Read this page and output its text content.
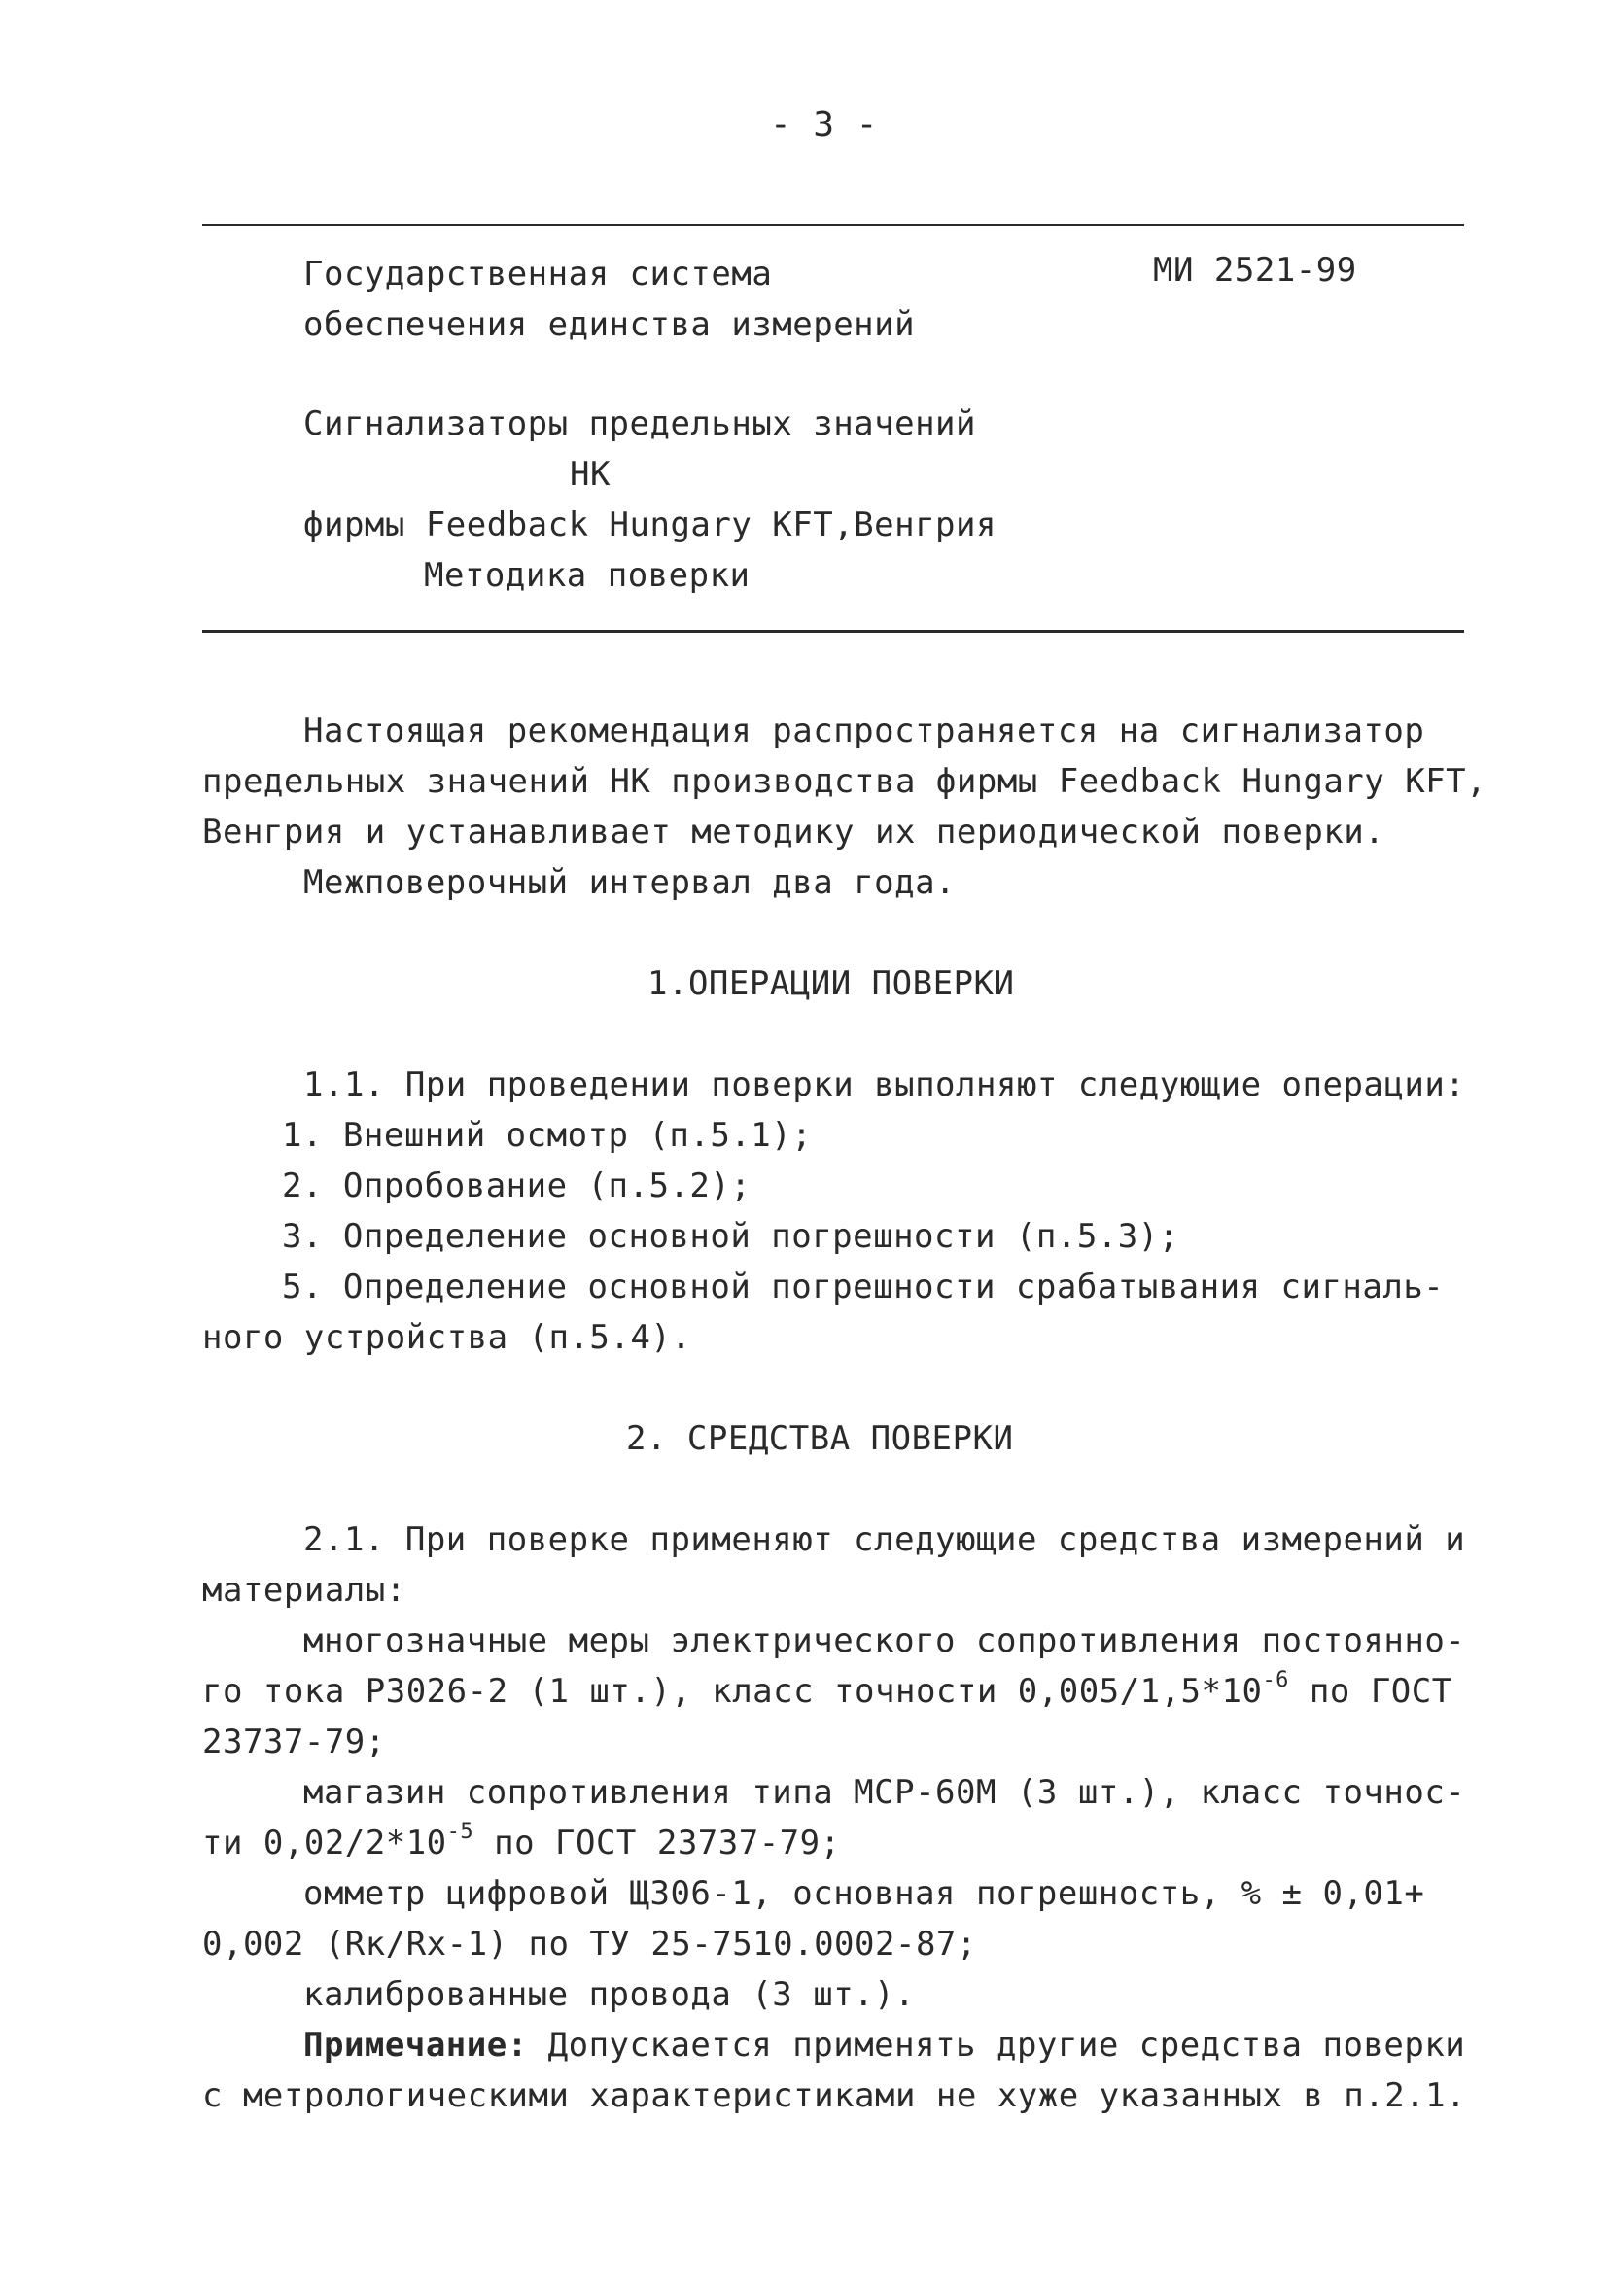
- 3 -
Государственная система
обеспечения единства измерений
МИ 2521-99
Сигнализаторы предельных значений
НК
фирмы Feedback Hungary KFT,Венгрия
Методика поверки
Настоящая рекомендация распространяется на сигнализатор
предельных значений НК производства фирмы Feedback Hungary KFT,
Венгрия и устанавливает методику их периодической поверки.
Межповерочный интервал два года.
1.ОПЕРАЦИИ ПОВЕРКИ
1.1. При проведении поверки выполняют следующие операции:
1. Внешний осмотр (п.5.1);
2. Опробование (п.5.2);
3. Определение основной погрешности (п.5.3);
5. Определение основной погрешности срабатывания сигналь-
ного устройства (п.5.4).
2. СРЕДСТВА ПОВЕРКИ
2.1. При поверке применяют следующие средства измерений и
материалы:
многозначные меры электрического сопротивления постоянно-
го тока Р3026-2 (1 шт.), класс точности $0,005/1,5*10^{-6}$ по ГОСТ
23737-79;
магазин сопротивления типа МСР-60М (3 шт.), класс точнос-
ти $0,02/2*10^{-5}$ по ГОСТ 23737-79;
омметр цифровой Щ306-1, основная погрешность, % ± 0,01+
0,002 (Rк/Rх-1) по ТУ 25-7510.0002-87;
калиброванные провода (3 шт.).
Примечание: Допускается применять другие средства поверки
с метрологическими характеристиками не хуже указанных в п.2.1.
